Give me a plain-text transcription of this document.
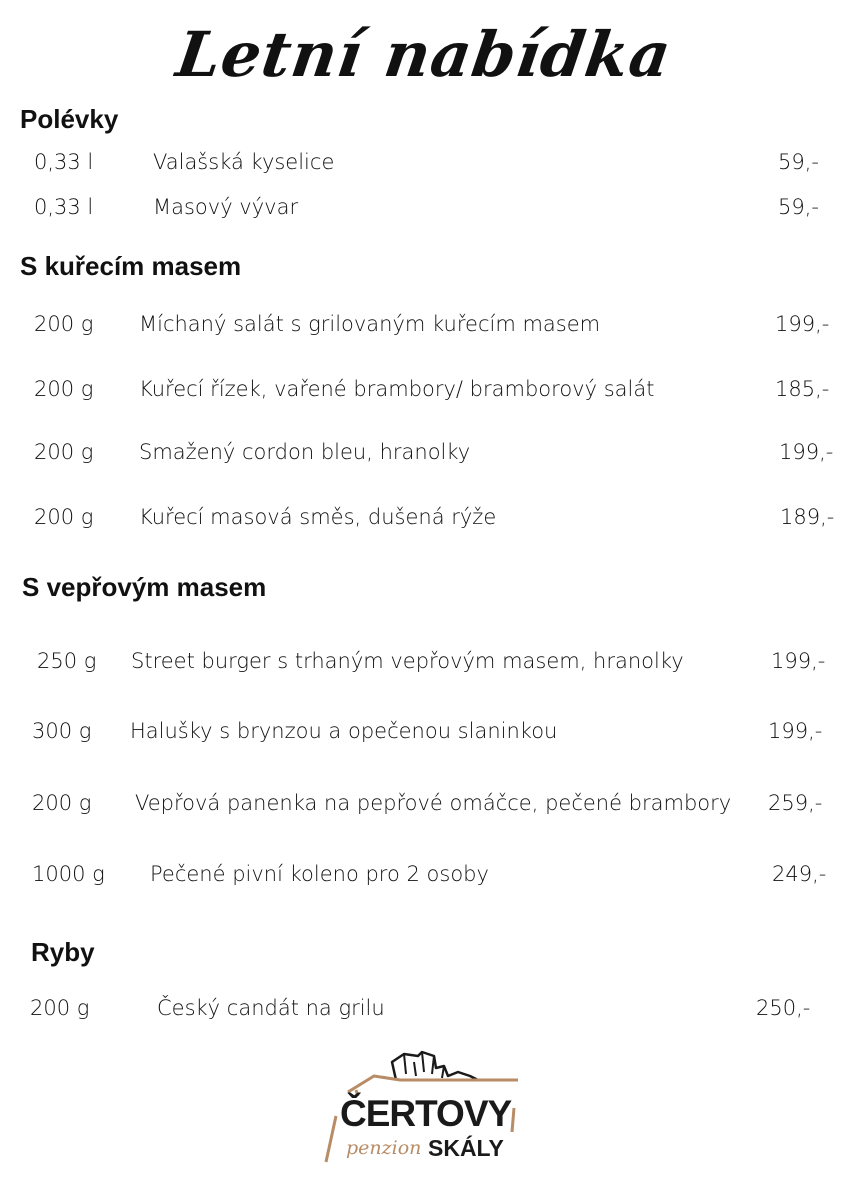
Letní nabídka
Polévky
0,33 l	Valašská kyselice	59,-
0,33 l	Masový vývar	59,-
S kuřecím masem
200 g Míchaný salát s grilovaným kuřecím masem	199,-
200 g Kuřecí řízek, vařené brambory/ bramborový salát	185,-
200 g Smažený cordon bleu, hranolky	199,-
200 g Kuřecí masová směs, dušená rýže	189,-
S vepřovým masem
250 g Street burger s trhaným vepřovým masem, hranolky	199,-
300 g Halušky s brynzou a opečenou slaninkou	199,-
200 g Vepřová panenka na pepřové omáčce, pečené brambory 259,-
1000 g Pečené pivní koleno pro 2 osoby	249,-
Ryby
200 g	Český candát na grilu	250,-
ČERTOVY
penzion SKÁLY
